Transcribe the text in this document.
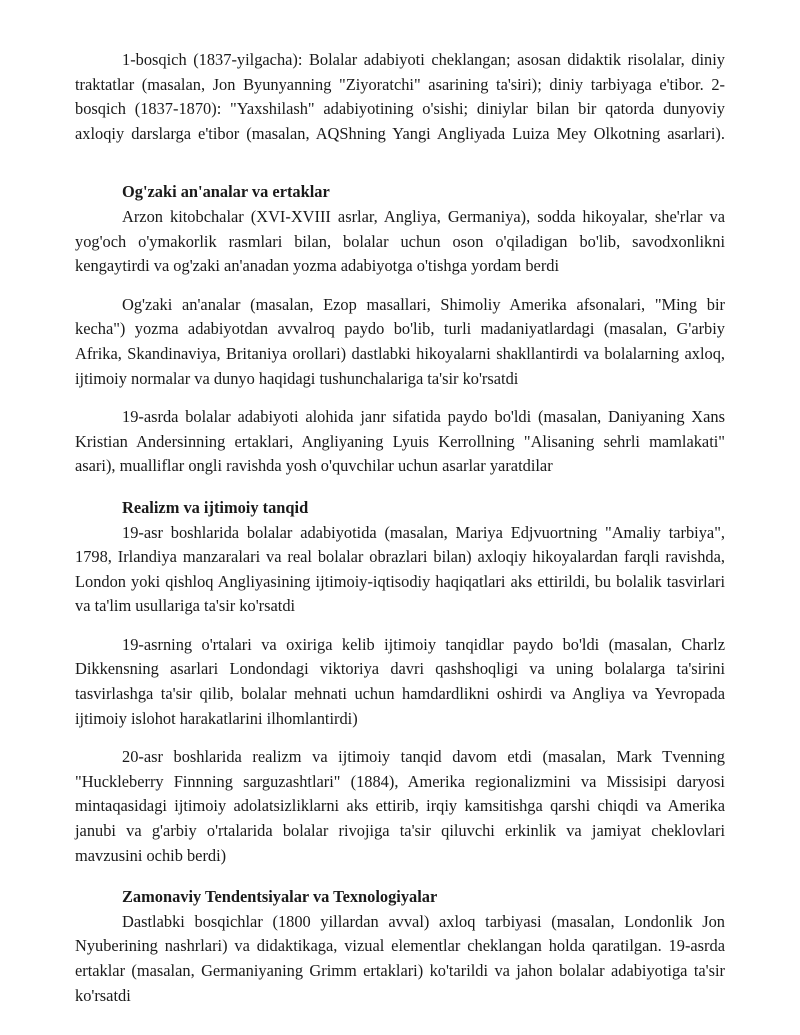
1-bosqich (1837-yilgacha): Bolalar adabiyoti cheklangan; asosan didaktik risolalar, diniy traktatlar (masalan, Jon Byunyanning "Ziyoratchi" asarining ta'siri); diniy tarbiyaga e'tibor. 2-bosqich (1837-1870): "Yaxshilash" adabiyotining o'sishi; diniylar bilan bir qatorda dunyoviy axloqiy darslarga e'tibor (masalan, AQShning Yangi Angliyada Luiza Mey Olkotning asarlari).

Og'zaki an'analar va ertaklar

Arzon kitobchalar (XVI-XVIII asrlar, Angliya, Germaniya), sodda hikoyalar, she'rlar va yog'och o'ymakorlik rasmlari bilan, bolalar uchun oson o'qiladigan bo'lib, savodxonlikni kengaytirdi va og'zaki an'anadan yozma adabiyotga o'tishga yordam berdi

Og'zaki an'analar (masalan, Ezop masallari, Shimoliy Amerika afsonalari, "Ming bir kecha") yozma adabiyotdan avvalroq paydo bo'lib, turli madaniyatlardagi (masalan, G'arbiy Afrika, Skandinaviya, Britaniya orollari) dastlabki hikoyalarni shakllantirdi va bolalarning axloq, ijtimoiy normalar va dunyo haqidagi tushunchalariga ta'sir ko'rsatdi

19-asrda bolalar adabiyoti alohida janr sifatida paydo bo'ldi (masalan, Daniyaning Xans Kristian Andersinning ertaklari, Angliyaning Lyuis Kerrollning "Alisaning sehrli mamlakati" asari), mualliflar ongli ravishda yosh o'quvchilar uchun asarlar yaratdilar

Realizm va ijtimoiy tanqid

19-asr boshlarida bolalar adabiyotida (masalan, Mariya Edjvuortning "Amaliy tarbiya", 1798, Irlandiya manzaralari va real bolalar obrazlari bilan) axloqiy hikoyalardan farqli ravishda, London yoki qishloq Angliyasining ijtimoiy-iqtisodiy haqiqatlari aks ettirildi, bu bolalik tasvirlari va ta'lim usullariga ta'sir ko'rsatdi

19-asrning o'rtalari va oxiriga kelib ijtimoiy tanqidlar paydo bo'ldi (masalan, Charlz Dikkensning asarlari Londondagi viktoriya davri qashshoqligi va uning bolalarga ta'sirini tasvirlashga ta'sir qilib, bolalar mehnati uchun hamdardlikni oshirdi va Angliya va Yevropada ijtimoiy islohot harakatlarini ilhomlantirdi)

20-asr boshlarida realizm va ijtimoiy tanqid davom etdi (masalan, Mark Tvenning "Huckleberry Finnning sarguzashtlari" (1884), Amerika regionalizmini va Missisipi daryosi mintaqasidagi ijtimoiy adolatsizliklarni aks ettirib, irqiy kamsitishga qarshi chiqdi va Amerika janubi va g'arbiy o'rtalarida bolalar rivojiga ta'sir qiluvchi erkinlik va jamiyat cheklovlari mavzusini ochib berdi)

Zamonaviy Tendentsiyalar va Texnologiyalar

Dastlabki bosqichlar (1800 yillardan avval) axloq tarbiyasi (masalan, Londonlik Jon Nyuberining nashrlari) va didaktikaga, vizual elementlar cheklangan holda qaratilgan. 19-asrda ertaklar (masalan, Germaniyaning Grimm ertaklari) ko'tarildi va jahon bolalar adabiyotiga ta'sir ko'rsatdi
